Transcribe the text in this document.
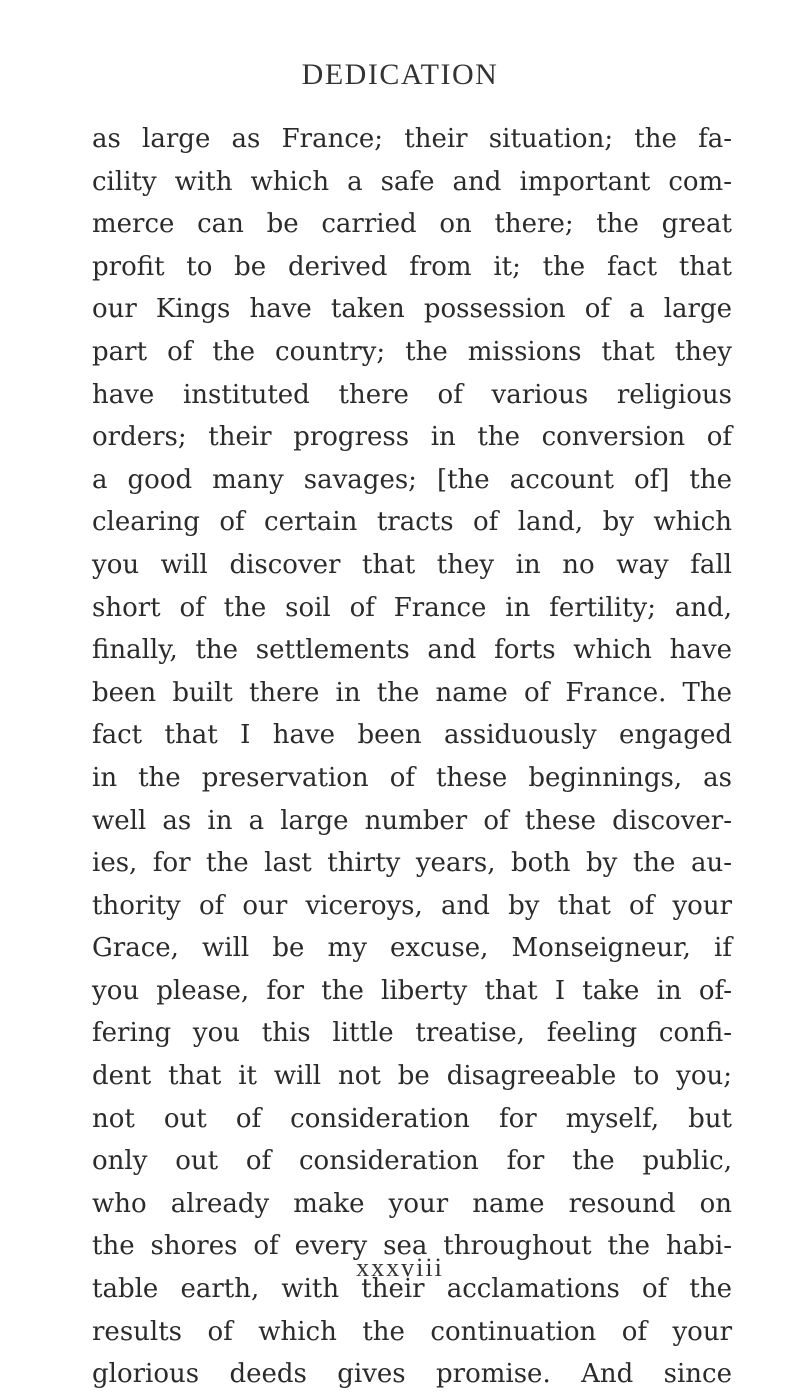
DEDICATION
as large as France; their situation; the fa-
cility with which a safe and important com-
merce can be carried on there; the great
profit to be derived from it; the fact that
our Kings have taken possession of a large
part of the country; the missions that they
have instituted there of various religious
orders; their progress in the conversion of
a good many savages; [the account of] the
clearing of certain tracts of land, by which
you will discover that they in no way fall
short of the soil of France in fertility; and,
finally, the settlements and forts which have
been built there in the name of France. The
fact that I have been assiduously engaged
in the preservation of these beginnings, as
well as in a large number of these discover-
ies, for the last thirty years, both by the au-
thority of our viceroys, and by that of your
Grace, will be my excuse, Monseigneur, if
you please, for the liberty that I take in of-
fering you this little treatise, feeling confi-
dent that it will not be disagreeable to you;
not out of consideration for myself, but
only out of consideration for the public,
who already make your name resound on
the shores of every sea throughout the habi-
table earth, with their acclamations of the
results of which the continuation of your
glorious deeds gives promise. And since
xxxviii
